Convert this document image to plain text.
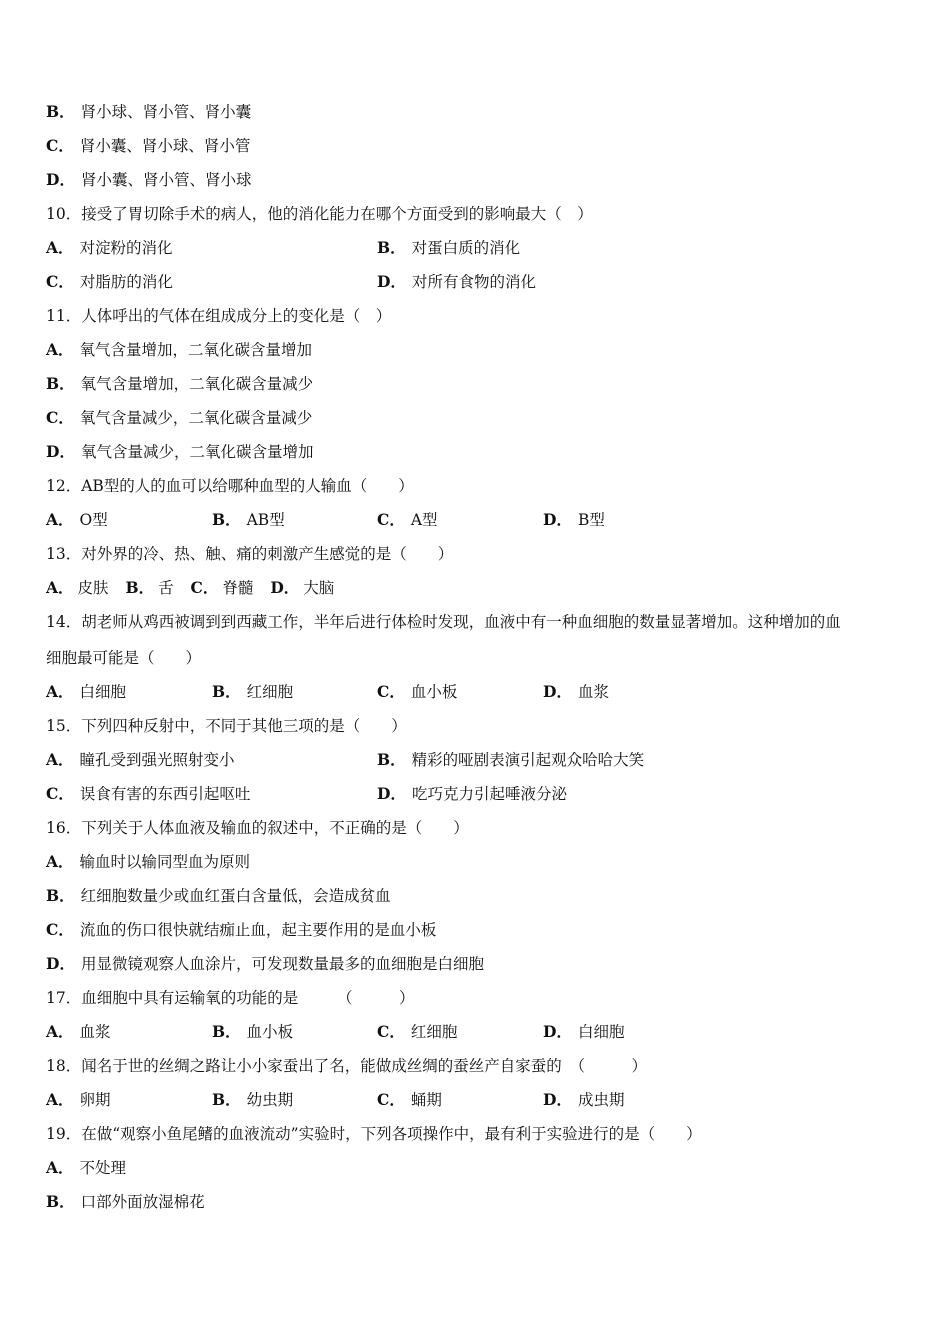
B． 肾小球、肾小管、肾小囊
C． 肾小囊、肾小球、肾小管
D． 肾小囊、肾小管、肾小球
10．接受了胃切除手术的病人，他的消化能力在哪个方面受到的影响最大（　）
A． 对淀粉的消化	B． 对蛋白质的消化
C． 对脂肪的消化	D． 对所有食物的消化
11．人体呼出的气体在组成成分上的变化是（　）
A． 氧气含量增加，二氧化碳含量增加
B． 氧气含量增加，二氧化碳含量减少
C． 氧气含量减少，二氧化碳含量减少
D． 氧气含量减少，二氧化碳含量增加
12．AB型的人的血可以给哪种血型的人输血（　　）
A． O型	B． AB型	C． A型	D． B型
13．对外界的冷、热、触、痛的刺激产生感觉的是（　　）
A． 皮肤 B． 舌 C． 脊髓 D． 大脑
14．胡老师从鸡西被调到到西藏工作，半年后进行体检时发现，血液中有一种血细胞的数量显著增加。这种增加的血
细胞最可能是（　　）
A． 白细胞	B． 红细胞	C． 血小板	D． 血浆
15．下列四种反射中，不同于其他三项的是（　　）
A． 瞳孔受到强光照射变小	B． 精彩的哑剧表演引起观众哈哈大笑
C． 误食有害的东西引起呕吐	D． 吃巧克力引起唾液分泌
16．下列关于人体血液及输血的叙述中，不正确的是（　　）
A． 输血时以输同型血为原则
B． 红细胞数量少或血红蛋白含量低，会造成贫血
C． 流血的伤口很快就结痂止血，起主要作用的是血小板
D． 用显微镜观察人血涂片，可发现数量最多的血细胞是白细胞
17．血细胞中具有运输氧的功能的是　　　（　　　）
A． 血浆	B． 血小板	C． 红细胞	D． 白细胞
18．闻名于世的丝绸之路让小小家蚕出了名，能做成丝绸的蚕丝产自家蚕的　（　　　）
A． 卵期	B． 幼虫期	C． 蛹期	D． 成虫期
19．在做“观察小鱼尾鳍的血液流动”实验时，下列各项操作中，最有利于实验进行的是（　　）
A． 不处理
B． 口部外面放湿棉花
